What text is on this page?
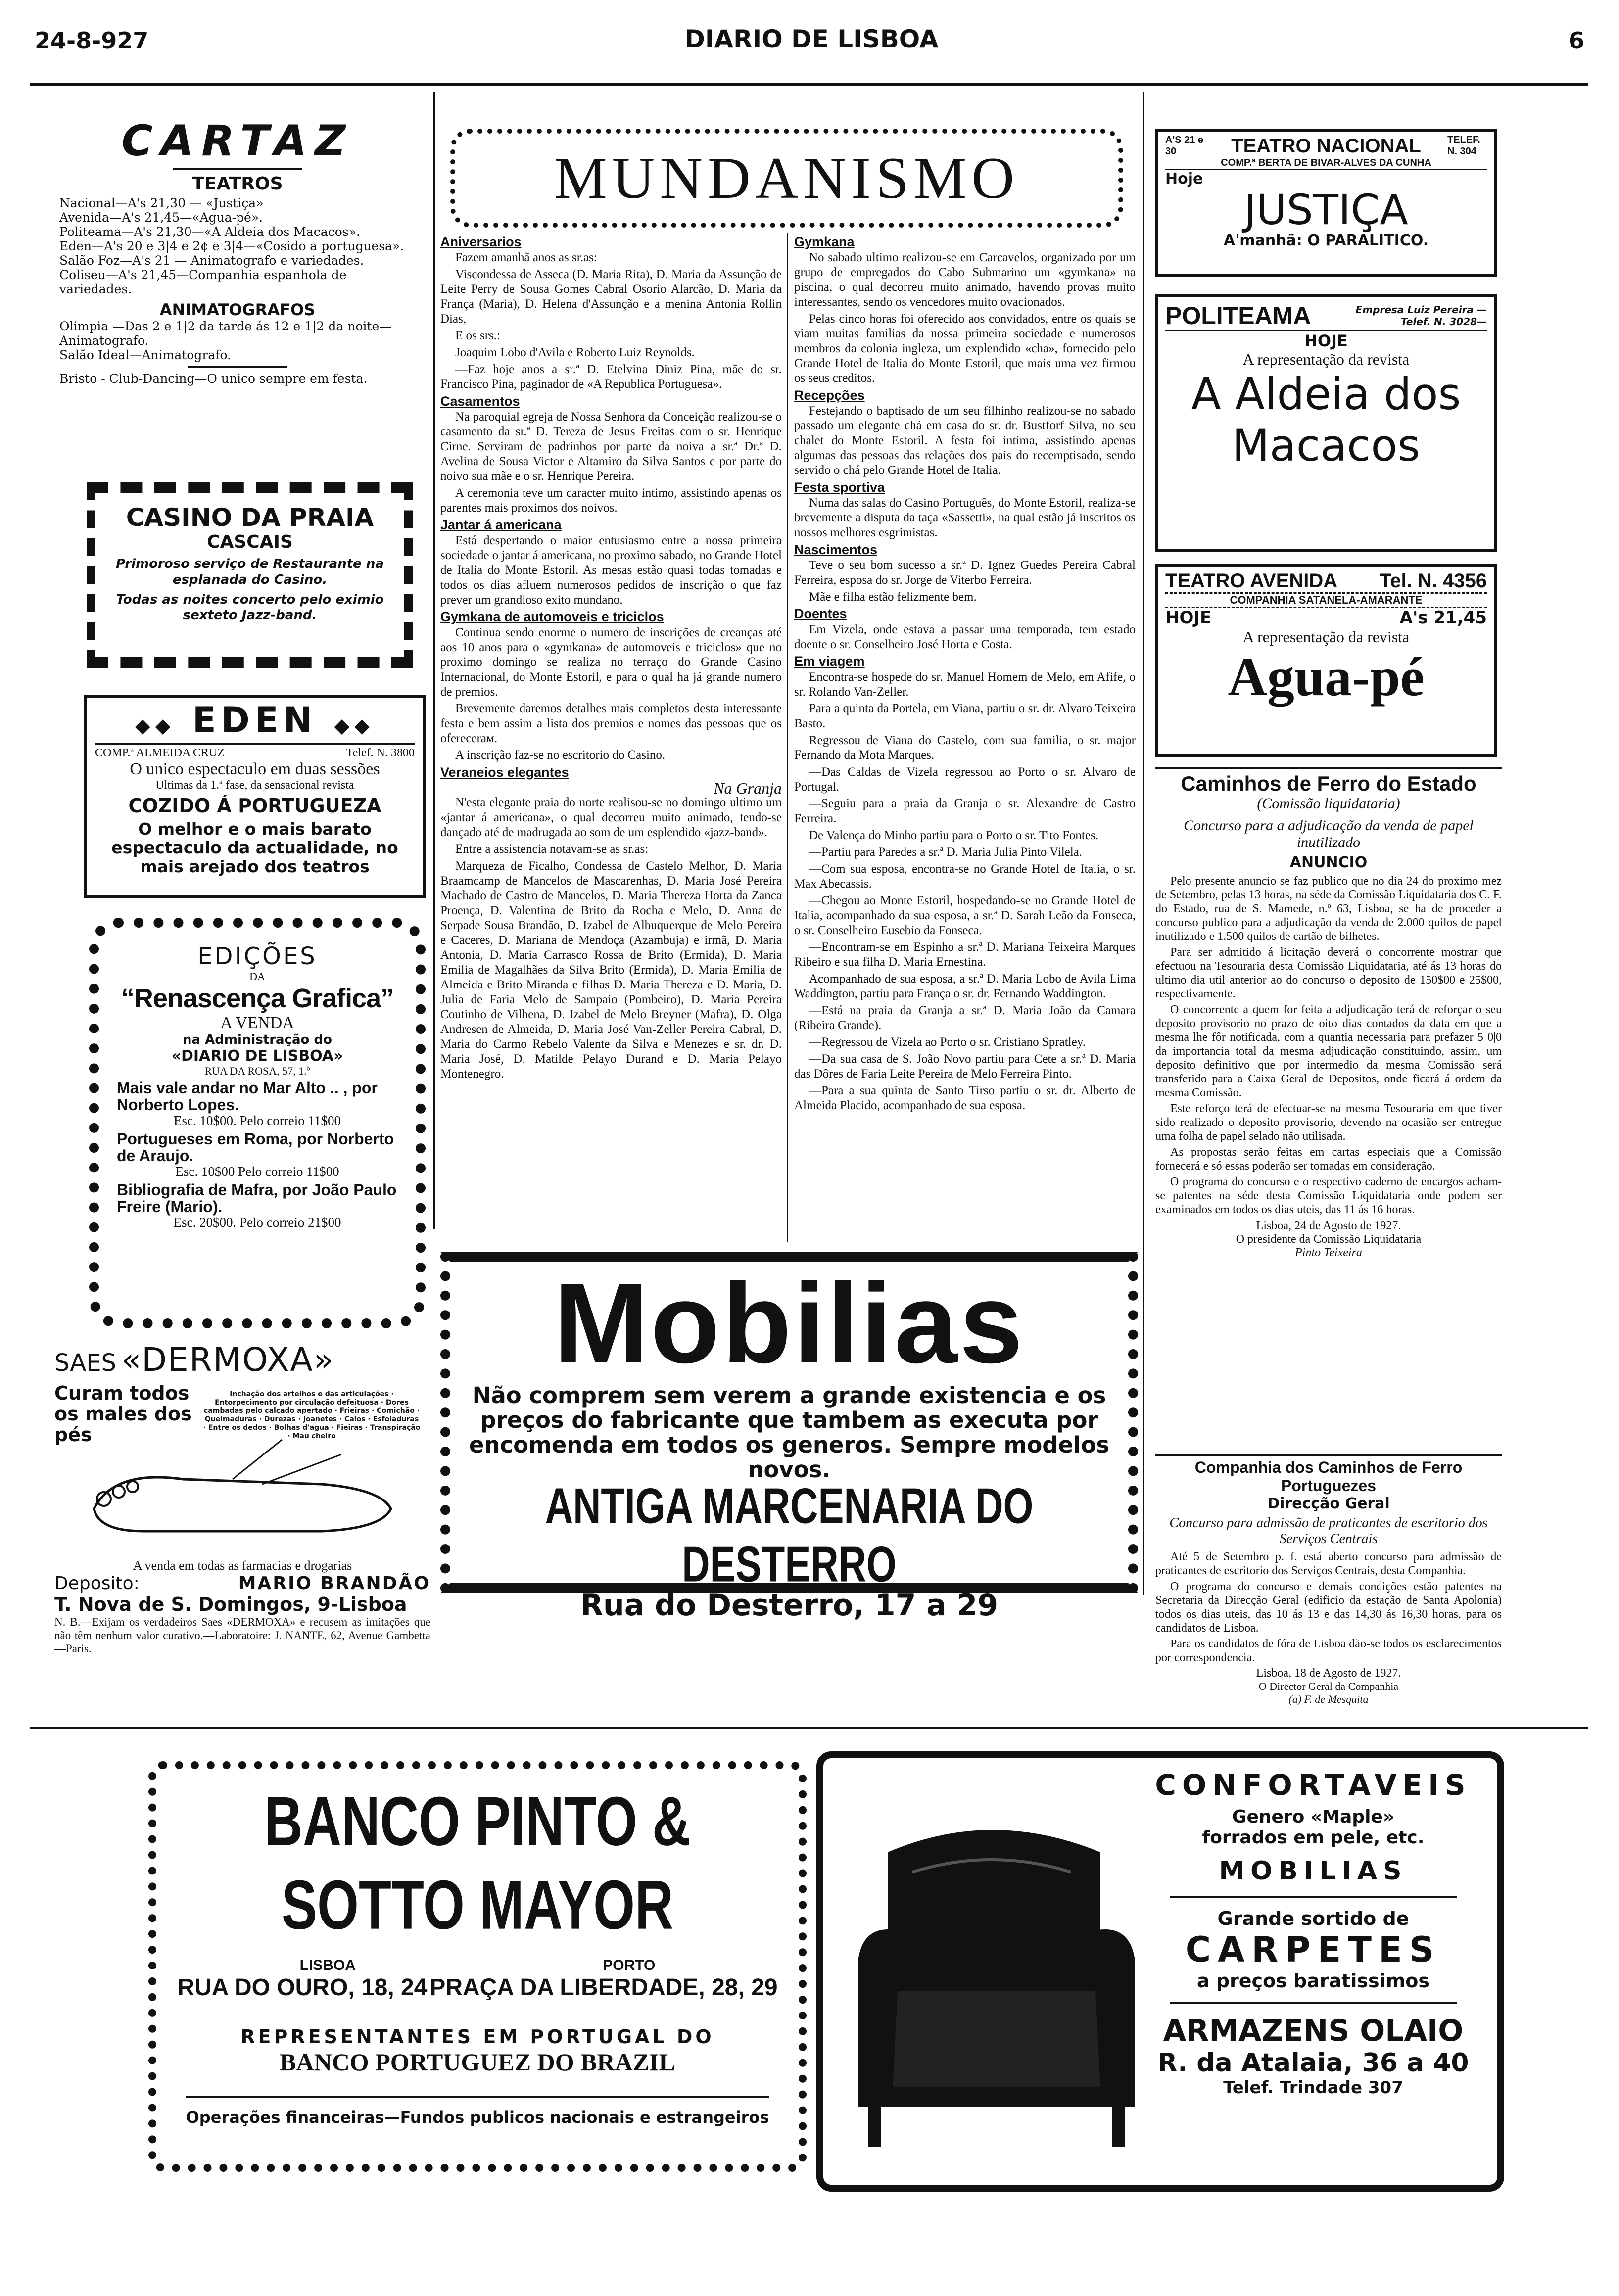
24-8-927	DIARIO DE LISBOA	6
CARTAZ
TEATROS

Nacional—A's 21,30 — «Justiça»

Avenida—A's 21,45—«Agua-pé».

Politeama—A's 21,30—«A Aldeia dos Macacos».

Eden—A's 20 e 3|4 e 2¢ e 3|4—«Cosido a portuguesa».

Salão Foz—A's 21 — Animatografo e variedades.

Coliseu—A's 21,45—Companhia espanhola de variedades.

ANIMATOGRAFOS

Olimpia —Das 2 e 1|2 da tarde ás 12 e 1|2 da noite—Animatografo.

Salão Ideal—Animatografo.

Bristo - Club-Dancing—O unico sempre em festa.

CASINO DA PRAIA
CASCAIS
Primoroso serviço de Restaurante na esplanada do Casino.
Todas as noites concerto pelo eximio sexteto Jazz-band.
◆◆ EDEN ◆◆
COMP.ª ALMEIDA CRUZ	Telef. N. 3800
O unico espectaculo em duas sessões
Ultimas da 1.ª fase, da sensacional revista
COZIDO Á PORTUGUEZA
O melhor e o mais barato espectaculo da actualidade, no mais arejado dos teatros
EDIÇÕES
DA
“Renascença Grafica”
A VENDA
na Administração do
«DIARIO DE LISBOA»
RUA DA ROSA, 57, 1.º
Mais vale andar no Mar Alto .. , por Norberto Lopes.
Esc. 10$00. Pelo correio 11$00
Portugueses em Roma, por Norberto de Araujo.
Esc. 10$00 Pelo correio 11$00
Bibliografia de Mafra, por João Paulo Freire (Mario).
Esc. 20$00. Pelo correio 21$00
SAES «DERMOXA»
Curam todos os males dos pés
Inchação dos artelhos e das articulações · Entorpecimento por circulação defeituosa · Dores cambadas pelo calçado apertado · Frieiras · Comichão · Queimaduras · Durezas · Joanetes · Calos · Esfoladuras · Entre os dedos · Bolhas d'agua · Fieiras · Transpiração · Mau cheiro
A venda em todas as farmacias e drogarias
Deposito:	MARIO BRANDÃO
T. Nova de S. Domingos, 9-Lisboa
N. B.—Exijam os verdadeiros Saes «DERMOXA» e recusem as imitações que não têm nenhum valor curativo.—Laboratoire: J. NANTE, 62, Avenue Gambetta—Paris.
MUNDANISMO
Aniversarios

Fazem amanhã anos as sr.as:

Viscondessa de Asseca (D. Maria Rita), D. Maria da Assunção de Leite Perry de Sousa Gomes Cabral Osorio Alarcão, D. Maria da França (Maria), D. Helena d'Assunção e a menina Antonia Rollin Dias,

E os srs.:

Joaquim Lobo d'Avila e Roberto Luiz Reynolds.

—Faz hoje anos a sr.ª D. Etelvina Diniz Pina, mãe do sr. Francisco Pina, paginador de «A Republica Portuguesa».

Casamentos

Na paroquial egreja de Nossa Senhora da Conceição realizou-se o casamento da sr.ª D. Tereza de Jesus Freitas com o sr. Henrique Cirne. Serviram de padrinhos por parte da noiva a sr.ª Dr.ª D. Avelina de Sousa Victor e Altamiro da Silva Santos e por parte do noivo sua mãe e o sr. Henrique Pereira.

A ceremonia teve um caracter muito intimo, assistindo apenas os parentes mais proximos dos noivos.

Jantar á americana

Está despertando o maior entusiasmo entre a nossa primeira sociedade o jantar á americana, no proximo sabado, no Grande Hotel de Italia do Monte Estoril. As mesas estão quasi todas tomadas e todos os dias afluem numerosos pedidos de inscrição o que faz prever um grandioso exito mundano.

Gymkana de automoveis e triciclos

Continua sendo enorme o numero de inscrições de creanças até aos 10 anos para o «gymkana» de automoveis e triciclos» que no proximo domingo se realiza no terraço do Grande Casino Internacional, do Monte Estoril, e para o qual ha já grande numero de premios.

Brevemente daremos detalhes mais completos desta interessante festa e bem assim a lista dos premios e nomes das pessoas que os oferecerам.

A inscrição faz-se no escritorio do Casino.

Veraneios elegantes
Na Granja

N'esta elegante praia do norte realisou-se no domingo ultimo um «jantar á americana», o qual decorreu muito animado, tendo-se dançado até de madrugada ao som de um esplendido «jazz-band».

Entre a assistencia notavam-se as sr.as:

Marqueza de Ficalho, Condessa de Castelo Melhor, D. Maria Braamcamp de Mancelos de Mascarenhas, D. Maria José Pereira Machado de Castro de Mancelos, D. Maria Thereza Horta da Zanca Proença, D. Valentina de Brito da Rocha e Melo, D. Anna de Serpade Sousa Brandão, D. Izabel de Albuquerque de Melo Pereira e Caceres, D. Mariana de Mendoça (Azambuja) e irmã, D. Maria Antonia, D. Maria Carrasco Rossa de Brito (Ermida), D. Maria Emilia de Magalhães da Silva Brito (Ermida), D. Maria Emilia de Almeida e Brito Miranda e filhas D. Maria Thereza e D. Maria, D. Julia de Faria Melo de Sampaio (Pombeiro), D. Maria Pereira Coutinho de Vilhena, D. Izabel de Melo Breyner (Mafra), D. Olga Andresen de Almeida, D. Maria José Van-Zeller Pereira Cabral, D. Maria do Carmo Rebelo Valente da Silva e Menezes e sr. dr. D. Maria José, D. Matilde Pelayo Durand e D. Maria Pelayo Montenegro.

Gymkana

No sabado ultimo realizou-se em Carcavelos, organizado por um grupo de empregados do Cabo Submarino um «gymkana» na piscina, o qual decorreu muito animado, havendo provas muito interessantes, sendo os vencedores muito ovacionados.

Pelas cinco horas foi oferecido aos convidados, entre os quais se viam muitas familias da nossa primeira sociedade e numerosos membros da colonia ingleza, um explendido «cha», fornecido pelo Grande Hotel de Italia do Monte Estoril, que mais uma vez firmou os seus creditos.

Recepções

Festejando o baptisado de um seu filhinho realizou-se no sabado passado um elegante chá em casa do sr. dr. Bustforf Silva, no seu chalet do Monte Estoril. A festa foi intima, assistindo apenas algumas das pessoas das relações dos pais do recemptisado, sendo servido o chá pelo Grande Hotel de Italia.

Festa sportiva

Numa das salas do Casino Português, do Monte Estoril, realiza-se brevemente a disputa da taça «Sassetti», na qual estão já inscritos os nossos melhores esgrimistas.

Nascimentos

Teve o seu bom sucesso a sr.ª D. Ignez Guedes Pereira Cabral Ferreira, esposa do sr. Jorge de Viterbo Ferreira.

Mãe e filha estão felizmente bem.

Doentes

Em Vizela, onde estava a passar uma temporada, tem estado doente o sr. Conselheiro José Horta e Costa.

Em viagem

Encontra-se hospede do sr. Manuel Homem de Melo, em Afife, o sr. Rolando Van-Zeller.

Para a quinta da Portela, em Viana, partiu o sr. dr. Alvaro Teixeira Basto.

Regressou de Viana do Castelo, com sua familia, o sr. major Fernando da Mota Marques.

—Das Caldas de Vizela regressou ao Porto o sr. Alvaro de Portugal.

—Seguiu para a praia da Granja o sr. Alexandre de Castro Ferreira.

De Valença do Minho partiu para o Porto o sr. Tito Fontes.

—Partiu para Paredes a sr.ª D. Maria Julia Pinto Vilela.

—Com sua esposa, encontra-se no Grande Hotel de Italia, o sr. Max Abecassis.

—Chegou ao Monte Estoril, hospedando-se no Grande Hotel de Italia, acompanhado da sua esposa, a sr.ª D. Sarah Leão da Fonseca, o sr. Conselheiro Eusebio da Fonseca.

—Encontram-se em Espinho a sr.ª D. Mariana Teixeira Marques Ribeiro e sua filha D. Maria Ernestina.

Acompanhado de sua esposa, a sr.ª D. Maria Lobo de Avila Lima Waddington, partiu para França o sr. dr. Fernando Waddington.

—Está na praia da Granja a sr.ª D. Maria João da Camara (Ribeira Grande).

—Regressou de Vizela ao Porto o sr. Cristiano Spratley.

—Da sua casa de S. João Novo partiu para Cete a sr.ª D. Maria das Dôres de Faria Leite Pereira de Melo Ferreira Pinto.

—Para a sua quinta de Santo Tirso partiu o sr. dr. Alberto de Almeida Placido, acompanhado de sua esposa.

Mobilias
Não comprem sem verem a grande existencia e os preços do fabricante que tambem as executa por encomenda em todos os generos. Sempre modelos novos.
ANTIGA MARCENARIA DO DESTERRO
Rua do Desterro, 17 a 29
A'S 21 e 30	TEATRO NACIONAL	TELEF. N. 304
COMP.ª BERTA DE BIVAR-ALVES DA CUNHA
Hoje
JUSTIÇA
A'manhã: O PARALITICO.
POLITEAMA	Empresa Luiz Pereira —Telef. N. 3028—
HOJE
A representação da revista
A Aldeia dos Macacos
TEATRO AVENIDA Tel. N. 4356
COMPANHIA SATANELA-AMARANTE
HOJE	A's 21,45
A representação da revista
Agua-pé
Caminhos de Ferro do Estado
(Comissão liquidataria)
Concurso para a adjudicação da venda de papel inutilizado
ANUNCIO

Pelo presente anuncio se faz publico que no dia 24 do proximo mez de Setembro, pelas 13 horas, na séde da Comissão Liquidataria dos C. F. do Estado, rua de S. Mamede, n.º 63, Lisboa, se ha de proceder a concurso publico para a adjudicação da venda de 2.000 quilos de papel inutilizado e 1.500 quilos de cartão de bilhetes.

Para ser admitido á licitação deverá o concorrente mostrar que efectuou na Tesouraria desta Comissão Liquidataria, até ás 13 horas do ultimo dia util anterior ao do concurso o deposito de 150$00 e 25$00, respectivamente.

O concorrente a quem for feita a adjudicação terá de reforçar o seu deposito provisorio no prazo de oito dias contados da data em que a mesma lhe fôr notificada, com a quantia necessaria para prefazer 5 0|0 da importancia total da mesma adjudicação constituindo, assim, um deposito definitivo que por intermedio da mesma Comissão será transferido para a Caixa Geral de Depositos, onde ficará á ordem da mesma Comissão.

Este reforço terá de efectuar-se na mesma Tesouraria em que tiver sido realizado o deposito provisorio, devendo na ocasião ser entregue uma folha de papel selado não utilisada.

As propostas serão feitas em cartas especiais que a Comissão fornecerá e só essas poderão ser tomadas em consideração.

O programa do concurso e o respectivo caderno de encargos acham-se patentes na séde desta Comissão Liquidataria onde podem ser examinados em todos os dias uteis, das 11 ás 16 horas.

Lisboa, 24 de Agosto de 1927.
O presidente da Comissão Liquidataria
Pinto Teixeira
Companhia dos Caminhos de Ferro Portuguezes
Direcção Geral
Concurso para admissão de praticantes de escritorio dos Serviços Centrais

Até 5 de Setembro p. f. está aberto concurso para admissão de praticantes de escritorio dos Serviços Centrais, desta Companhia.

O programa do concurso e demais condições estão patentes na Secretaria da Direcção Geral (edificio da estação de Santa Apolonia) todos os dias uteis, das 10 ás 13 e das 14,30 ás 16,30 horas, para os candidatos de Lisboa.

Para os candidatos de fóra de Lisboa dão-se todos os esclarecimentos por correspondencia.

Lisboa, 18 de Agosto de 1927.
O Director Geral da Companhia
(a) F. de Mesquita
BANCO PINTO & SOTTO MAYOR
LISBOA	PORTO
RUA DO OURO, 18, 24 PRAÇA DA LIBERDADE, 28, 29
REPRESENTANTES EM PORTUGAL DO
BANCO PORTUGUEZ DO BRAZIL
Operações financeiras—Fundos publicos nacionais e estrangeiros
CONFORTAVEIS
Genero «Maple» forrados em pele, etc.
MOBILIAS
Grande sortido de
CARPETES
a preços baratissimos
ARMAZENS OLAIO
R. da Atalaia, 36 a 40
Telef. Trindade 307
